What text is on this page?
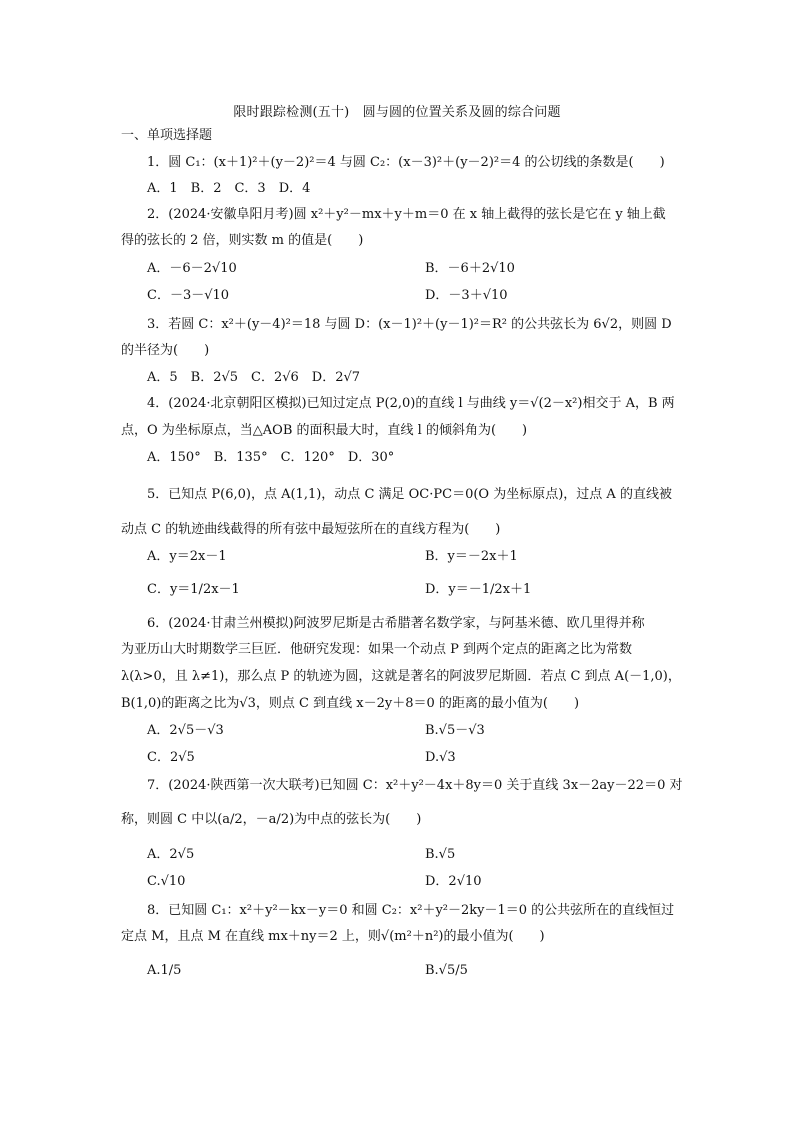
限时跟踪检测(五十)　圆与圆的位置关系及圆的综合问题
一、单项选择题
1．圆 C₁：(x＋1)²＋(y－2)²＝4 与圆 C₂：(x－3)²＋(y－2)²＝4 的公切线的条数是(　　)
A．1　B．2　C．3　D．4
2．(2024·安徽阜阳月考)圆 x²＋y²－mx＋y＋m＝0 在 x 轴上截得的弦长是它在 y 轴上截
得的弦长的 2 倍，则实数 m 的值是(　　)
A．－6－2√10	B．－6＋2√10
C．－3－√10	D．－3＋√10
3．若圆 C：x²＋(y－4)²＝18 与圆 D：(x－1)²＋(y－1)²＝R² 的公共弦长为 6√2，则圆 D
的半径为(　　)
A．5　B．2√5　C．2√6　D．2√7
4．(2024·北京朝阳区模拟)已知过定点 P(2,0)的直线 l 与曲线 y＝√(2－x²)相交于 A，B 两
点，O 为坐标原点，当△AOB 的面积最大时，直线 l 的倾斜角为(　　)
A．150°　B．135°　C．120°　D．30°
5．已知点 P(6,0)，点 A(1,1)，动点 C 满足 OC·PC＝0(O 为坐标原点)，过点 A 的直线被
动点 C 的轨迹曲线截得的所有弦中最短弦所在的直线方程为(　　)
A．y＝2x－1	B．y＝－2x＋1
C．y＝1/2x－1	D．y＝－1/2x＋1
6．(2024·甘肃兰州模拟)阿波罗尼斯是古希腊著名数学家，与阿基米德、欧几里得并称
为亚历山大时期数学三巨匠．他研究发现：如果一个动点 P 到两个定点的距离之比为常数
λ(λ>0，且 λ≠1)，那么点 P 的轨迹为圆，这就是著名的阿波罗尼斯圆．若点 C 到点 A(－1,0)，
B(1,0)的距离之比为√3，则点 C 到直线 x－2y＋8＝0 的距离的最小值为(　　)
A．2√5－√3	B.√5－√3
C．2√5	D.√3
7．(2024·陕西第一次大联考)已知圆 C：x²＋y²－4x＋8y＝0 关于直线 3x－2ay－22＝0 对
称，则圆 C 中以(a/2，－a/2)为中点的弦长为(　　)
A．2√5	B.√5
C.√10	D．2√10
8．已知圆 C₁：x²＋y²－kx－y＝0 和圆 C₂：x²＋y²－2ky－1＝0 的公共弦所在的直线恒过
定点 M，且点 M 在直线 mx＋ny＝2 上，则√(m²＋n²)的最小值为(　　)
A.1/5	B.√5/5
